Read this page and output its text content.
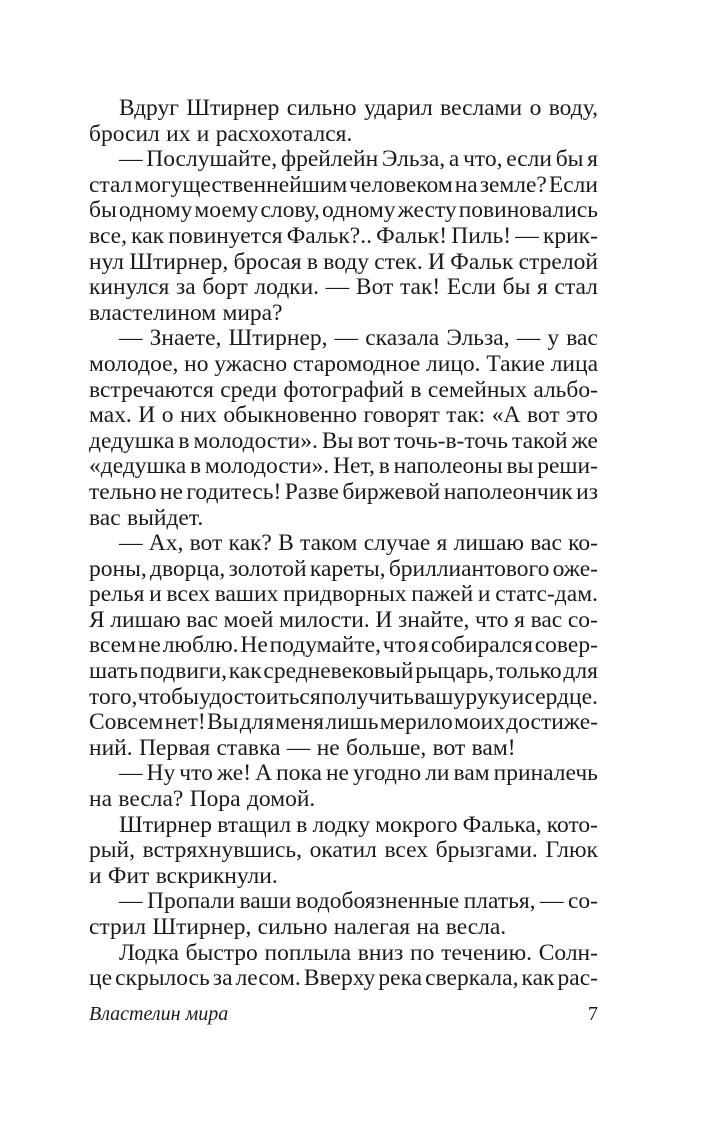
Вдруг Штирнер сильно ударил веслами о воду,
бросил их и расхохотался.
— Послушайте, фрейлейн Эльза, а что, если бы я
стал могущественнейшим человеком на земле? Если
бы одному моему слову, одному жесту повиновались
все, как повинуется Фальк?.. Фальк! Пиль! — крик-
нул Штирнер, бросая в воду стек. И Фальк стрелой
кинулся за борт лодки. — Вот так! Если бы я стал
властелином мира?
— Знаете, Штирнер, — сказала Эльза, — у вас
молодое, но ужасно старомодное лицо. Такие лица
встречаются среди фотографий в семейных альбо-
мах. И о них обыкновенно говорят так: «А вот это
дедушка в молодости». Вы вот точь-в-точь такой же
«дедушка в молодости». Нет, в наполеоны вы реши-
тельно не годитесь! Разве биржевой наполеончик из
вас выйдет.
— Ах, вот как? В таком случае я лишаю вас ко-
роны, дворца, золотой кареты, бриллиантового оже-
релья и всех ваших придворных пажей и статс-дам.
Я лишаю вас моей милости. И знайте, что я вас со-
всем не люблю. Не подумайте, что я собирался совер-
шать подвиги, как средневековый рыцарь, только для
того, чтобы удостоиться получить вашу руку и сердце.
Совсем нет! Вы для меня лишь мерило моих достиже-
ний. Первая ставка — не больше, вот вам!
— Ну что же! А пока не угодно ли вам приналечь
на весла? Пора домой.
Штирнер втащил в лодку мокрого Фалька, кото-
рый, встряхнувшись, окатил всех брызгами. Глюк
и Фит вскрикнули.
— Пропали ваши водобоязненные платья, — со-
стрил Штирнер, сильно налегая на весла.
Лодка быстро поплыла вниз по течению. Солн-
це скрылось за лесом. Вверху река сверкала, как рас-
Властелин мира	7
